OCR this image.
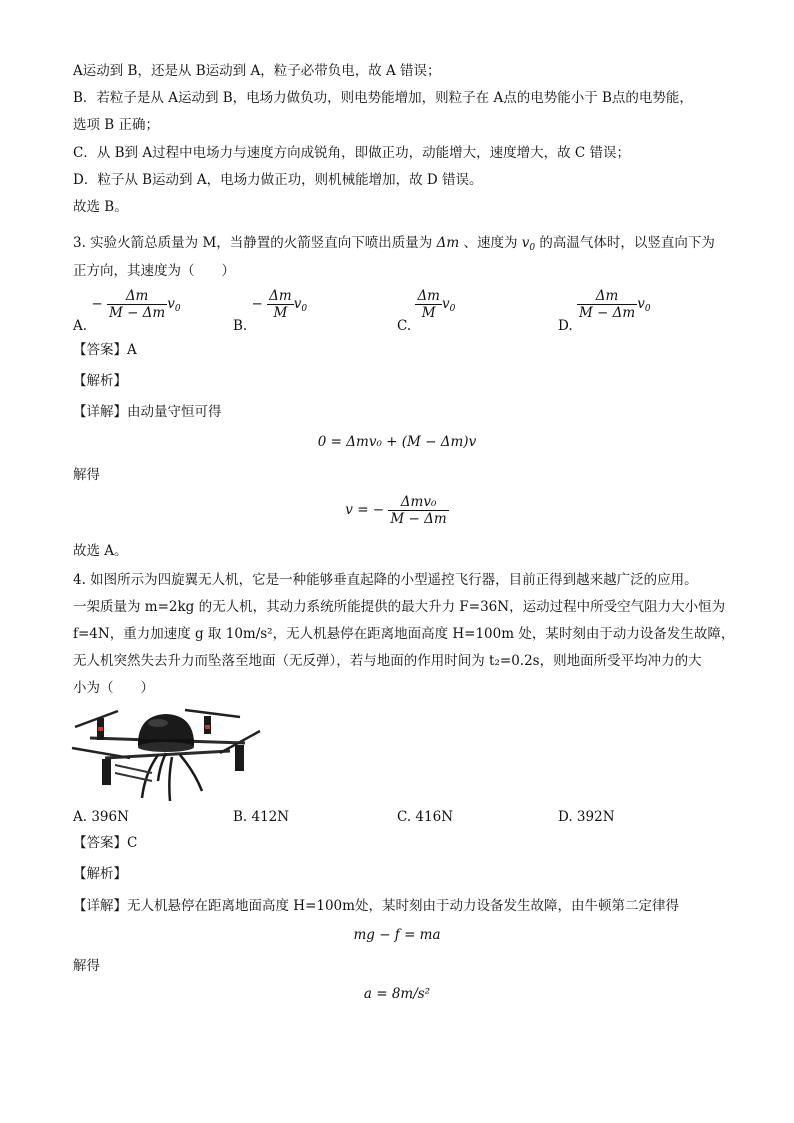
A运动到 B，还是从 B运动到 A，粒子必带负电，故 A 错误；
B．若粒子是从 A运动到 B，电场力做负功，则电势能增加，则粒子在 A点的电势能小于 B点的电势能，
选项 B 正确；
C．从 B到 A过程中电场力与速度方向成锐角，即做正功，动能增大，速度增大，故 C 错误；
D．粒子从 B运动到 A，电场力做正功，则机械能增加，故 D 错误。
故选 B。
3. 实验火箭总质量为 M，当静置的火箭竖直向下喷出质量为 Δm 、速度为 $v_0$ 的高温气体时，以竖直向下为
正方向，其速度为（　　）
A. − $\frac{\Delta m}{M - \Delta m} v_0$
B. − $\frac{\Delta m}{M} v_0$
C.
$\frac{\Delta m}{M} v_0$
D.
$\frac{\Delta m}{M - \Delta m} v_0$
【答案】A
【解析】
【详解】由动量守恒可得
0 = Δmv₀ + (M − Δm)v
解得
v = − $\frac{\text{Δmv₀}}{M - \Delta m}$
故选 A。
4. 如图所示为四旋翼无人机，它是一种能够垂直起降的小型遥控飞行器，目前正得到越来越广泛的应用。
一架质量为 m=2kg 的无人机，其动力系统所能提供的最大升力 F=36N，运动过程中所受空气阻力大小恒为
f=4N，重力加速度 g 取 10m/s²，无人机悬停在距离地面高度 H=100m 处，某时刻由于动力设备发生故障，
无人机突然失去升力而坠落至地面（无反弹），若与地面的作用时间为 t₂=0.2s，则地面所受平均冲力的大
小为（　　）
A. 396N	B. 412N	C. 416N	D. 392N
【答案】C
【解析】
【详解】无人机悬停在距离地面高度 H=100m处，某时刻由于动力设备发生故障，由牛顿第二定律得
mg − f = ma
解得
a = 8m/s²
